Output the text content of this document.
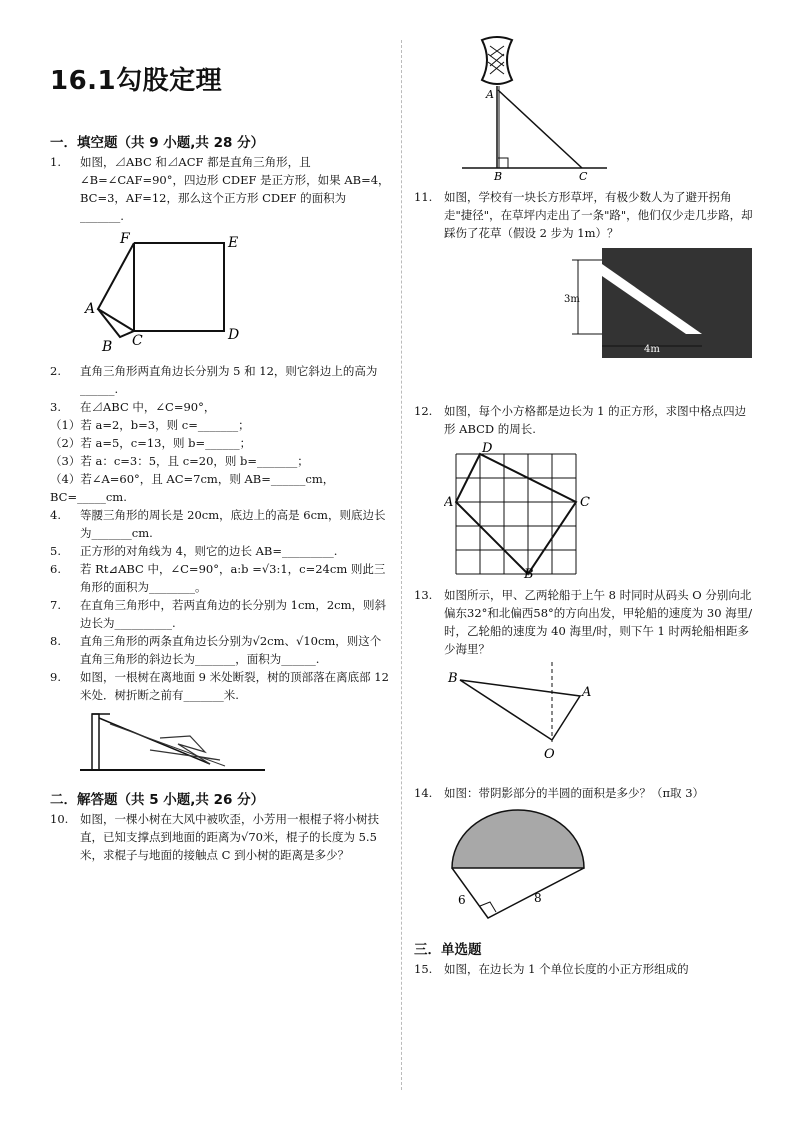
16.1勾股定理
一．填空题（共 9 小题,共 28 分）
1. 如图，⊿ABC 和⊿ACF 都是直角三角形，且∠B=∠CAF=90°，四边形 CDEF 是正方形，如果 AB=4，BC=3，AF=12，那么这个正方形 CDEF 的面积为_______.
F	E
A
B C	D
2. 直角三角形两直角边长分别为 5 和 12，则它斜边上的高为______.
3. 在⊿ABC 中，∠C=90°，
（1）若 a=2，b=3，则 c=_______；
（2）若 a=5，c=13，则 b=______；
（3）若 a：c=3：5，且 c=20，则 b=_______；
（4）若∠A=60°，且 AC=7cm，则 AB=______cm，BC=_____cm.
4. 等腰三角形的周长是 20cm，底边上的高是 6cm，则底边长为_______cm.
5. 正方形的对角线为 4，则它的边长 AB=_________.
6. 若 Rt⊿ABC 中，∠C=90°，a:b =√3:1，c=24cm 则此三角形的面积为________。
7. 在直角三角形中，若两直角边的长分别为 1cm，2cm，则斜边长为__________.
8. 直角三角形的两条直角边长分别为√2cm、√10cm，则这个直角三角形的斜边长为_______，面积为______.
9. 如图，一根树在离地面 9 米处断裂，树的顶部落在离底部 12 米处．树折断之前有_______米.
二．解答题（共 5 小题,共 26 分）
10. 如图，一棵小树在大风中被吹歪，小芳用一根棍子将小树扶直，已知支撑点到地面的距离为√70米，棍子的长度为 5.5 米，求棍子与地面的接触点 C 到小树的距离是多少？
A
B	C
11. 如图，学校有一块长方形草坪，有极少数人为了避开拐角走"捷径"，在草坪内走出了一条"路"，他们仅少走几步路，却踩伤了花草（假设 2 步为 1m）？
3m
4m
12. 如图，每个小方格都是边长为 1 的正方形，求图中格点四边形 ABCD 的周长.
D
A	C
B
13. 如图所示，甲、乙两轮船于上午 8 时同时从码头 O 分别向北偏东32°和北偏西58°的方向出发，甲轮船的速度为 30 海里/时，乙轮船的速度为 40 海里/时，则下午 1 时两轮船相距多少海里？
B
A
O
14. 如图：带阴影部分的半圆的面积是多少？（π取 3）
6	8
三．单选题
15. 如图，在边长为 1 个单位长度的小正方形组成的
